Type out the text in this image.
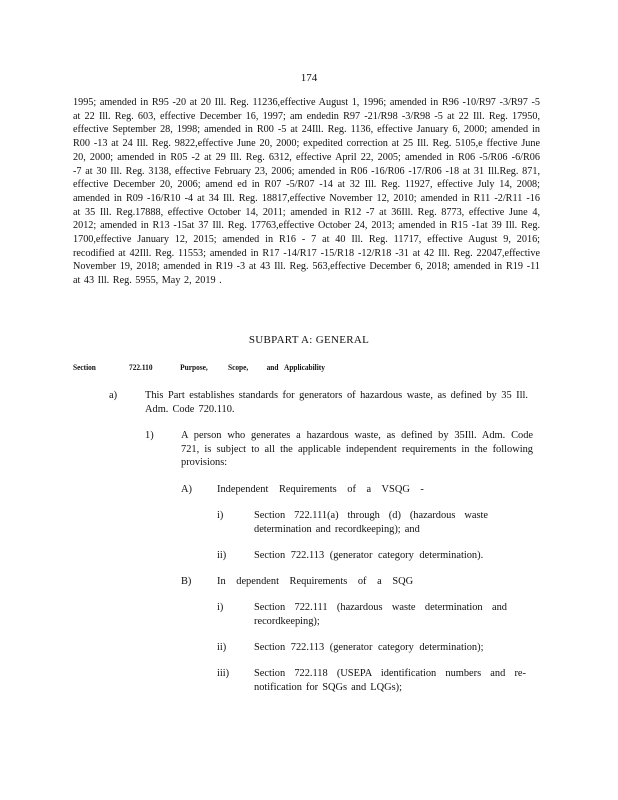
174
1995; amended in R95 -20 at 20 Ill. Reg. 11236,effective August 1, 1996; amended in R96 -10/R97 -3/R97 -5 at 22 Ill. Reg. 603, effective December 16, 1997; am endedin R97 -21/R98 -3/R98 -5 at 22 Ill. Reg. 17950, effective September 28, 1998; amended in R00 -5 at 24Ill. Reg. 1136, effective January 6, 2000; amended in R00 -13 at 24 Ill. Reg. 9822,effective June 20, 2000; expedited correction at 25 Ill. Reg. 5105,e ffective June 20, 2000; amended in R05 -2 at 29 Ill. Reg. 6312, effective April 22, 2005; amended in R06 -5/R06 -6/R06 -7 at 30 Ill. Reg. 3138, effective February 23, 2006; amended in R06 -16/R06 -17/R06 -18 at 31 Ill.Reg. 871, effective December 20, 2006; amend ed in R07 -5/R07 -14 at 32 Ill. Reg. 11927, effective July 14, 2008; amended in R09 -16/R10 -4 at 34 Ill. Reg. 18817,effective November 12, 2010; amended in R11 -2/R11 -16 at 35 Ill. Reg.17888, effective October 14, 2011; amended in R12 -7 at 36Ill. Reg. 8773, effective June 4, 2012; amended in R13 -15at 37 Ill. Reg. 17763,effective October 24, 2013; amended in R15 -1at 39 Ill. Reg. 1700,effective January 12, 2015; amended in R16 - 7 at 40 Ill. Reg. 11717, effective August 9, 2016; recodified at 42Ill. Reg. 11553; amended in R17 -14/R17 -15/R18 -12/R18 -31 at 42 Ill. Reg. 22047,effective November 19, 2018; amended in R19 -3 at 43 Ill. Reg. 563,effective December 6, 2018; amended in R19 -11 at 43 Ill. Reg. 5955, May 2, 2019 .
SUBPART A: GENERAL
Section	722.110	Purpose,	Scope, and Applicability
a)	This Part establishes standards for generators of hazardous waste, as defined by 35 Ill. Adm. Code 720.110.
1)	A person who generates a hazardous waste, as defined by 35Ill. Adm. Code 721, is subject to all the applicable independent requirements in the following provisions:
A) Independent Requirements of a VSQG -
i)	Section 722.111(a) through (d) (hazardous waste determination and recordkeeping); and
ii)	Section 722.113 (generator category determination).
B) In dependent Requirements of a SQG
i)	Section 722.111 (hazardous waste determination and recordkeeping);
ii)	Section 722.113 (generator category determination);
iii) Section 722.118 (USEPA identification numbers and re-notification for SQGs and LQGs);
